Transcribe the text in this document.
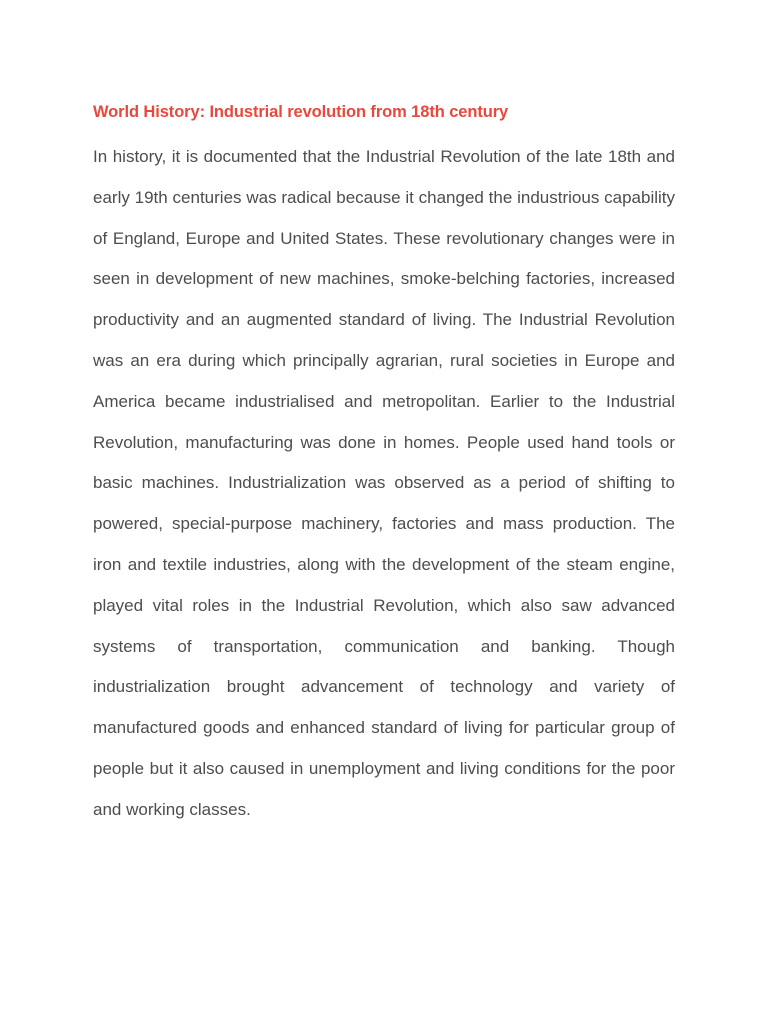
World History: Industrial revolution from 18th century

In history, it is documented that the Industrial Revolution of the late 18th and early 19th centuries was radical because it changed the industrious capability of England, Europe and United States. These revolutionary changes were in seen in development of new machines, smoke-belching factories, increased productivity and an augmented standard of living. The Industrial Revolution was an era during which principally agrarian, rural societies in Europe and America became industrialised and metropolitan. Earlier to the Industrial Revolution, manufacturing was done in homes. People used hand tools or basic machines. Industrialization was observed as a period of shifting to powered, special-purpose machinery, factories and mass production. The iron and textile industries, along with the development of the steam engine, played vital roles in the Industrial Revolution, which also saw advanced systems of transportation, communication and banking. Though industrialization brought advancement of technology and variety of manufactured goods and enhanced standard of living for particular group of people but it also caused in unemployment and living conditions for the poor and working classes.
